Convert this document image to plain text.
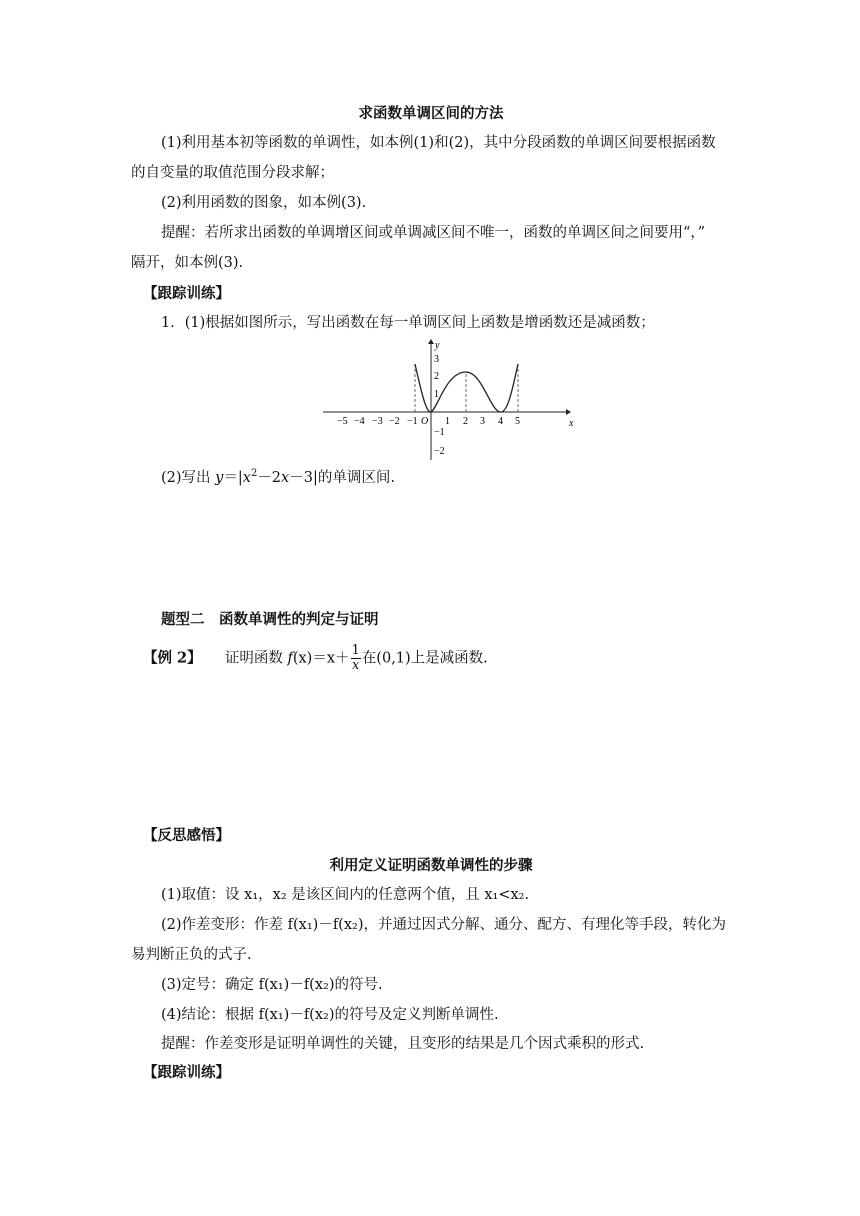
求函数单调区间的方法
(1)利用基本初等函数的单调性，如本例(1)和(2)，其中分段函数的单调区间要根据函数
的自变量的取值范围分段求解；
(2)利用函数的图象，如本例(3).
提醒：若所求出函数的单调增区间或单调减区间不唯一，函数的单调区间之间要用“，”
隔开，如本例(3).
【跟踪训练】
1．(1)根据如图所示，写出函数在每一单调区间上函数是增函数还是减函数；
x
y
O
−5 −4 −3 −2 −1	1 2 3 4 5
3
2
1
−1
−2
(2)写出 $y=|x^2-2x-3|$的单调区间.
题型二　函数单调性的判定与证明
【例 2】 证明函数 $f(x)=x+ \frac{1}{x}$ 在(0,1)上是减函数.
【反思感悟】
利用定义证明函数单调性的步骤
(1)取值：设 x₁，x₂ 是该区间内的任意两个值，且 x₁<x₂.
(2)作差变形：作差 f(x₁)－f(x₂)，并通过因式分解、通分、配方、有理化等手段，转化为
易判断正负的式子.
(3)定号：确定 f(x₁)－f(x₂)的符号.
(4)结论：根据 f(x₁)－f(x₂)的符号及定义判断单调性.
提醒：作差变形是证明单调性的关键，且变形的结果是几个因式乘积的形式.
【跟踪训练】
